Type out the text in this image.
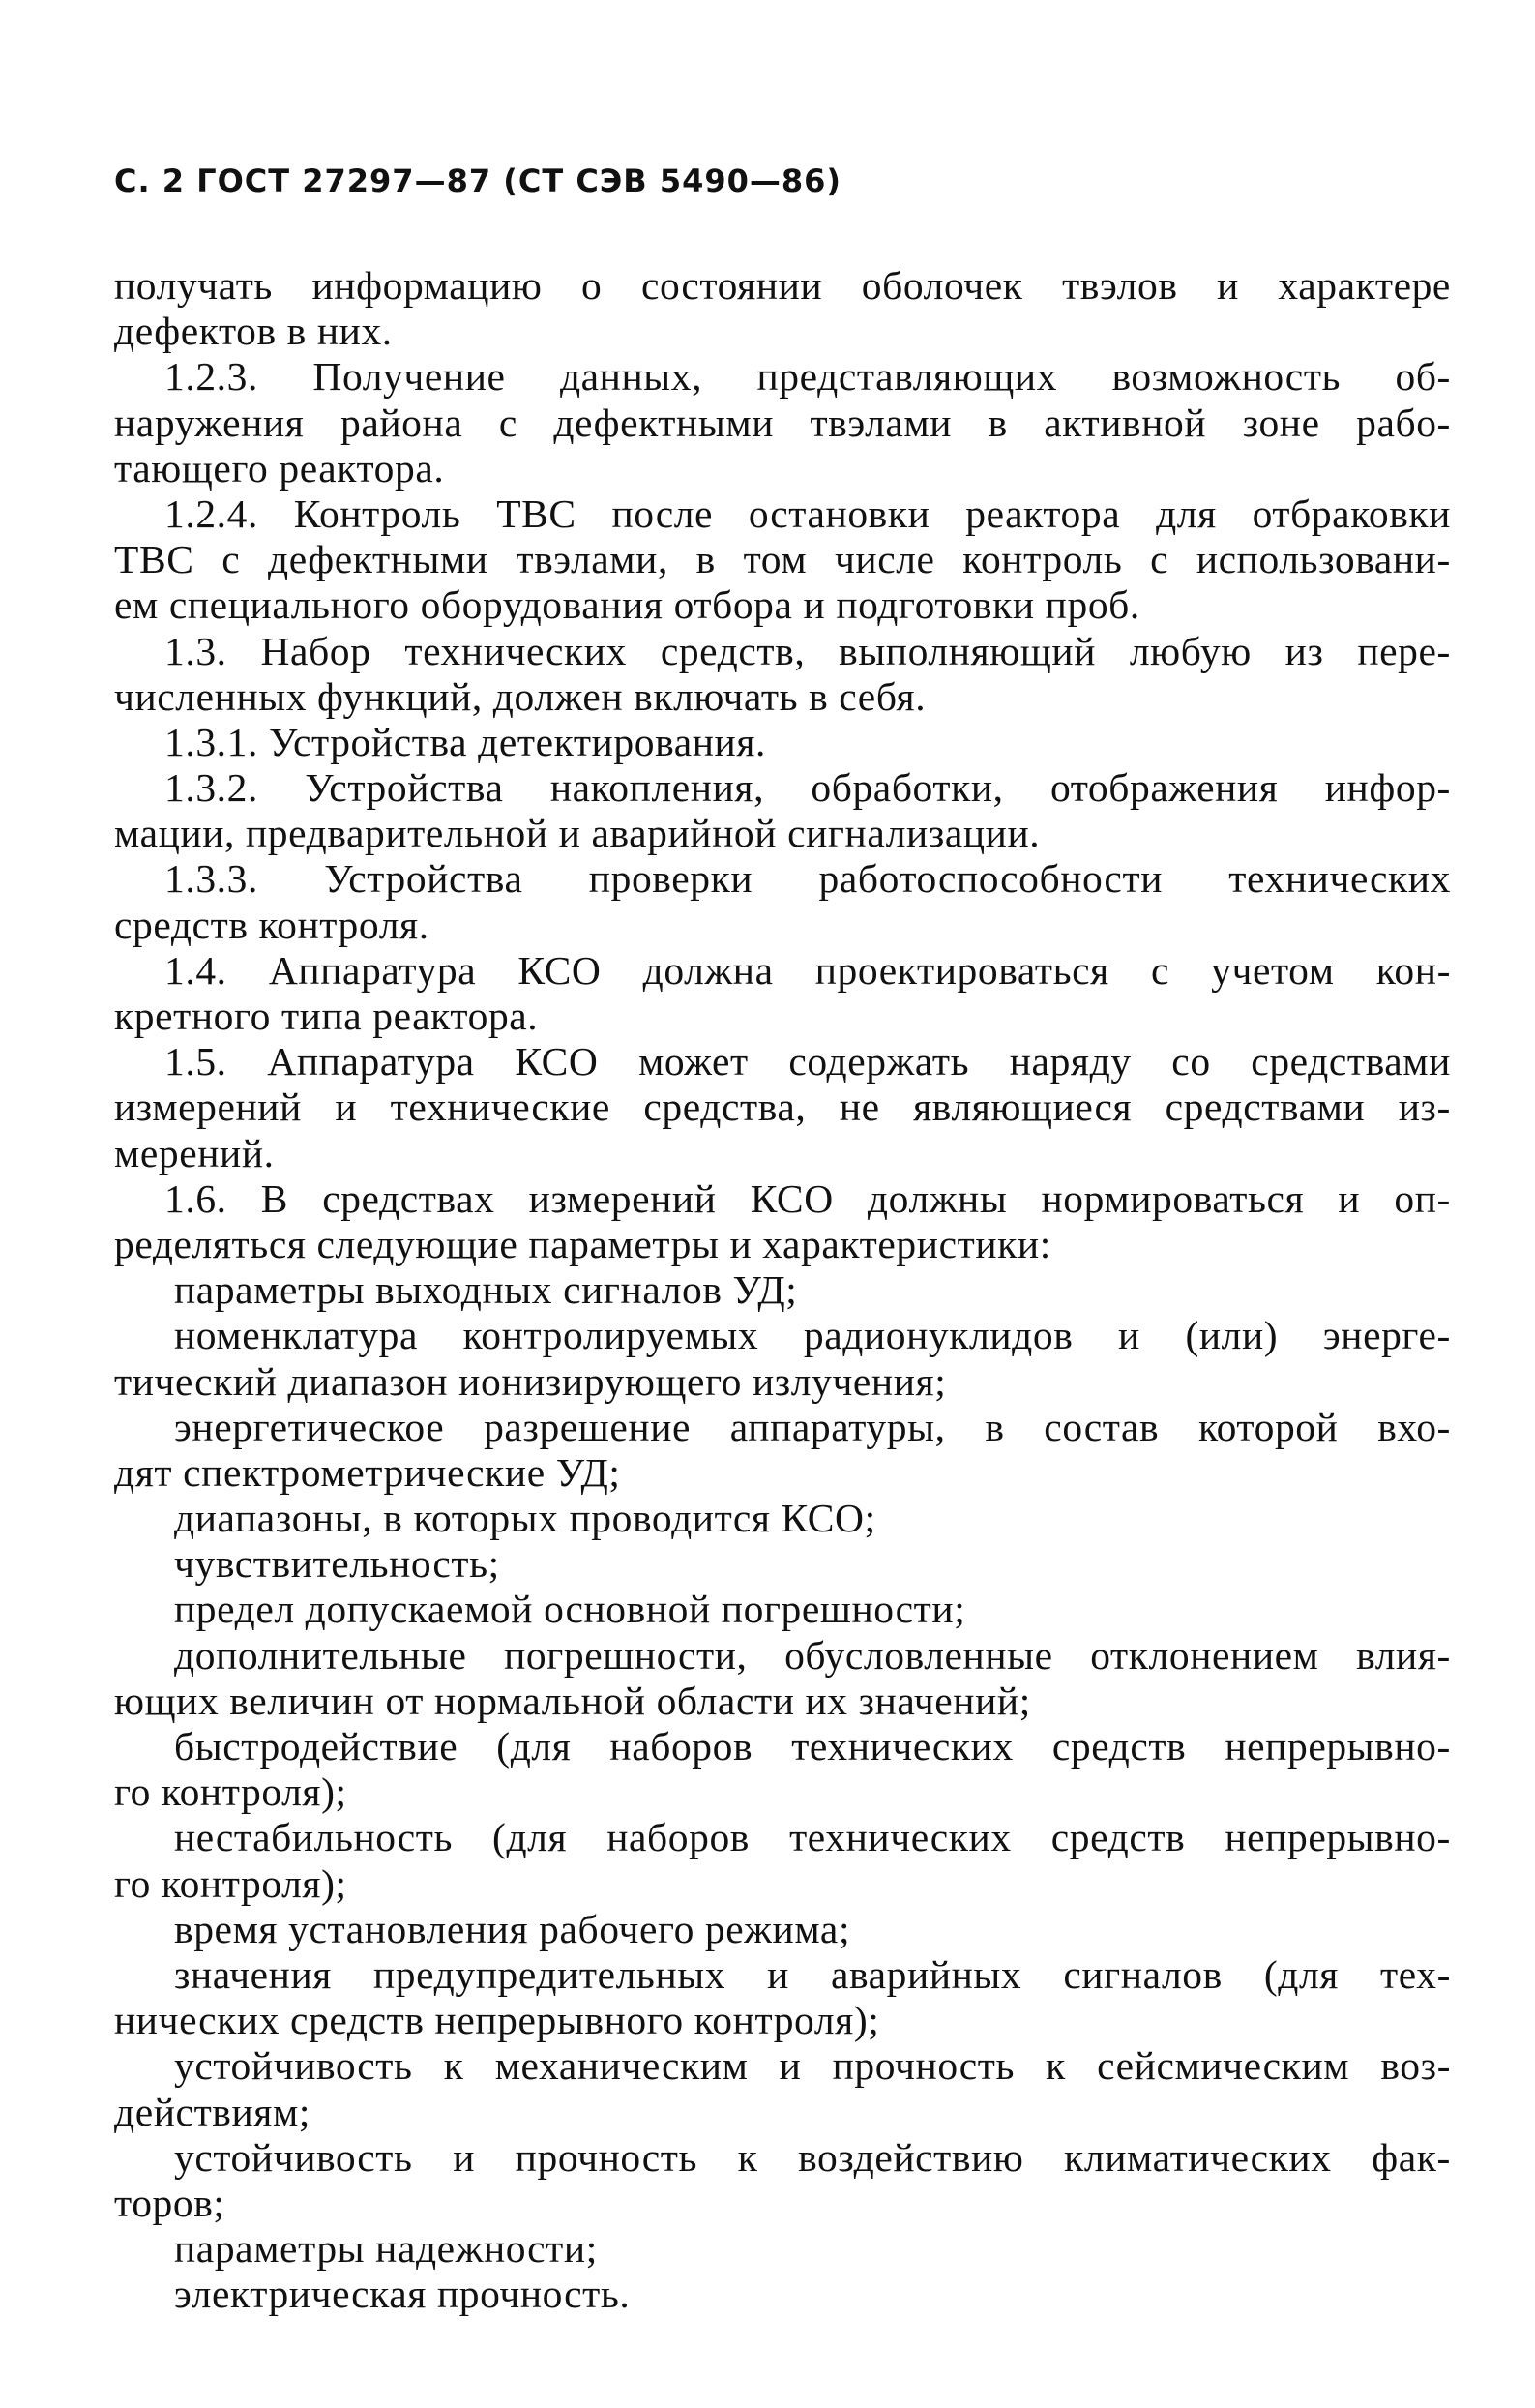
С. 2 ГОСТ 27297—87 (СТ СЭВ 5490—86)
получать информацию о состоянии оболочек твэлов и характере
дефектов в них.
1.2.3. Получение данных, представляющих возможность об-
наружения района с дефектными твэлами в активной зоне рабо-
тающего реактора.
1.2.4. Контроль ТВС после остановки реактора для отбраковки
ТВС с дефектными твэлами, в том числе контроль с использовани-
ем специального оборудования отбора и подготовки проб.
1.3. Набор технических средств, выполняющий любую из пере-
численных функций, должен включать в себя.
1.3.1. Устройства детектирования.
1.3.2. Устройства накопления, обработки, отображения инфор-
мации, предварительной и аварийной сигнализации.
1.3.3. Устройства проверки работоспособности технических
средств контроля.
1.4. Аппаратура КСО должна проектироваться с учетом кон-
кретного типа реактора.
1.5. Аппаратура КСО может содержать наряду со средствами
измерений и технические средства, не являющиеся средствами из-
мерений.
1.6. В средствах измерений КСО должны нормироваться и оп-
ределяться следующие параметры и характеристики:
параметры выходных сигналов УД;
номенклатура контролируемых радионуклидов и (или) энерге-
тический диапазон ионизирующего излучения;
энергетическое разрешение аппаратуры, в состав которой вхо-
дят спектрометрические УД;
диапазоны, в которых проводится КСО;
чувствительность;
предел допускаемой основной погрешности;
дополнительные погрешности, обусловленные отклонением влия-
ющих величин от нормальной области их значений;
быстродействие (для наборов технических средств непрерывно-
го контроля);
нестабильность (для наборов технических средств непрерывно-
го контроля);
время установления рабочего режима;
значения предупредительных и аварийных сигналов (для тех-
нических средств непрерывного контроля);
устойчивость к механическим и прочность к сейсмическим воз-
действиям;
устойчивость и прочность к воздействию климатических фак-
торов;
параметры надежности;
электрическая прочность.
